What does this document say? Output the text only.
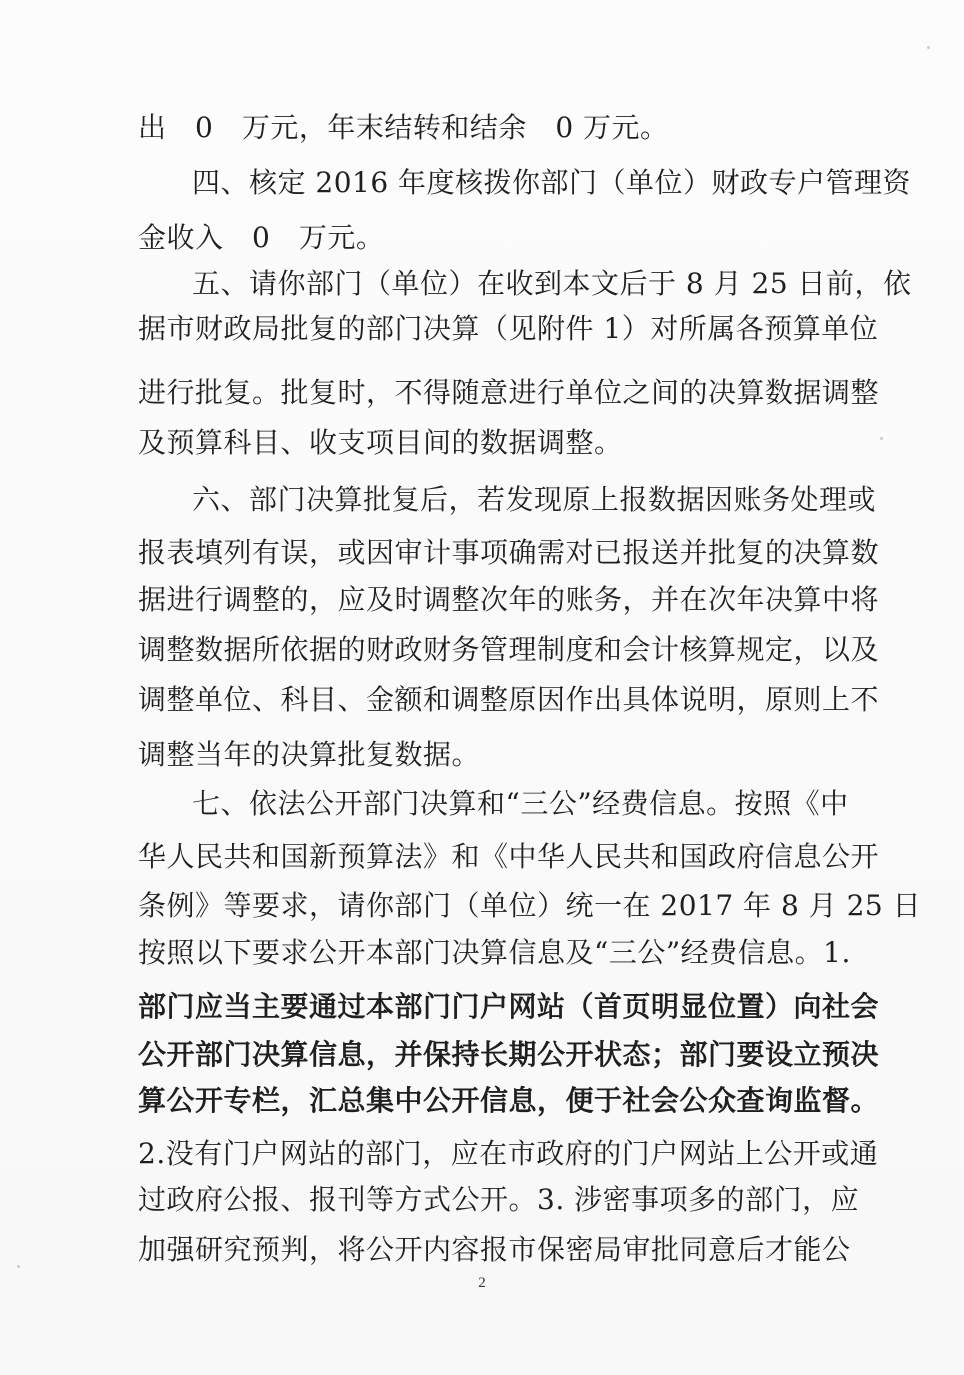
出　0　万元，年末结转和结余　0 万元。
四、核定 2016 年度核拨你部门（单位）财政专户管理资
金收入　0　万元。
五、请你部门（单位）在收到本文后于 8 月 25 日前，依
据市财政局批复的部门决算（见附件 1）对所属各预算单位
进行批复。批复时，不得随意进行单位之间的决算数据调整
及预算科目、收支项目间的数据调整。
六、部门决算批复后，若发现原上报数据因账务处理或
报表填列有误，或因审计事项确需对已报送并批复的决算数
据进行调整的，应及时调整次年的账务，并在次年决算中将
调整数据所依据的财政财务管理制度和会计核算规定，以及
调整单位、科目、金额和调整原因作出具体说明，原则上不
调整当年的决算批复数据。
七、依法公开部门决算和“三公”经费信息。按照《中
华人民共和国新预算法》和《中华人民共和国政府信息公开
条例》等要求，请你部门（单位）统一在 2017 年 8 月 25 日
按照以下要求公开本部门决算信息及“三公”经费信息。1.
部门应当主要通过本部门门户网站（首页明显位置）向社会
公开部门决算信息，并保持长期公开状态；部门要设立预决
算公开专栏，汇总集中公开信息，便于社会公众查询监督。
2.没有门户网站的部门，应在市政府的门户网站上公开或通
过政府公报、报刊等方式公开。3. 涉密事项多的部门，应
加强研究预判，将公开内容报市保密局审批同意后才能公
2
